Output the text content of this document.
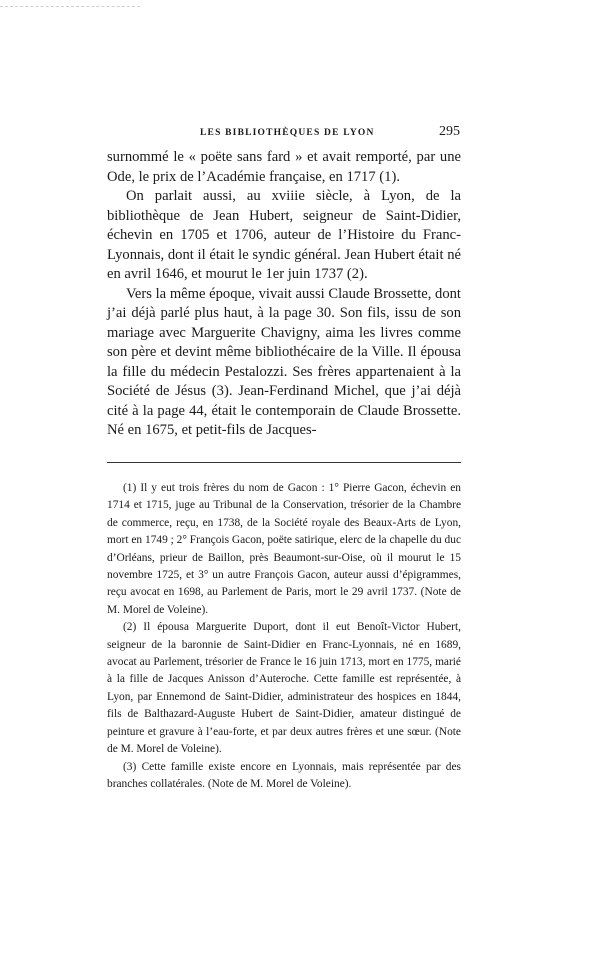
LES BIBLIOTHÈQUES DE LYON	295

surnommé le « poëte sans fard » et avait remporté, par une Ode, le prix de l’Académie française, en 1717 (1).

On parlait aussi, au xviiie siècle, à Lyon, de la bibliothèque de Jean Hubert, seigneur de Saint-Didier, échevin en 1705 et 1706, auteur de l’Histoire du Franc-Lyonnais, dont il était le syndic général. Jean Hubert était né en avril 1646, et mourut le 1er juin 1737 (2).

Vers la même époque, vivait aussi Claude Brossette, dont j’ai déjà parlé plus haut, à la page 30. Son fils, issu de son mariage avec Marguerite Chavigny, aima les livres comme son père et devint même bibliothécaire de la Ville. Il épousa la fille du médecin Pestalozzi. Ses frères appartenaient à la Société de Jésus (3). Jean-Ferdinand Michel, que j’ai déjà cité à la page 44, était le contemporain de Claude Brossette. Né en 1675, et petit-fils de Jacques-

(1) Il y eut trois frères du nom de Gacon : 1° Pierre Gacon, échevin en 1714 et 1715, juge au Tribunal de la Conservation, trésorier de la Chambre de commerce, reçu, en 1738, de la Société royale des Beaux-Arts de Lyon, mort en 1749 ; 2° François Gacon, poëte satirique, elerc de la chapelle du duc d’Orléans, prieur de Baillon, près Beaumont-sur-Oise, où il mourut le 15 novembre 1725, et 3° un autre François Gacon, auteur aussi d’épigrammes, reçu avocat en 1698, au Parlement de Paris, mort le 29 avril 1737. (Note de M. Morel de Voleine).

(2) Il épousa Marguerite Duport, dont il eut Benoît-Victor Hubert, seigneur de la baronnie de Saint-Didier en Franc-Lyonnais, né en 1689, avocat au Parlement, trésorier de France le 16 juin 1713, mort en 1775, marié à la fille de Jacques Anisson d’Auteroche. Cette famille est représentée, à Lyon, par Ennemond de Saint-Didier, administrateur des hospices en 1844, fils de Balthazard-Auguste Hubert de Saint-Didier, amateur distingué de peinture et gravure à l’eau-forte, et par deux autres frères et une sœur. (Note de M. Morel de Voleine).

(3) Cette famille existe encore en Lyonnais, mais représentée par des branches collatérales. (Note de M. Morel de Voleine).
